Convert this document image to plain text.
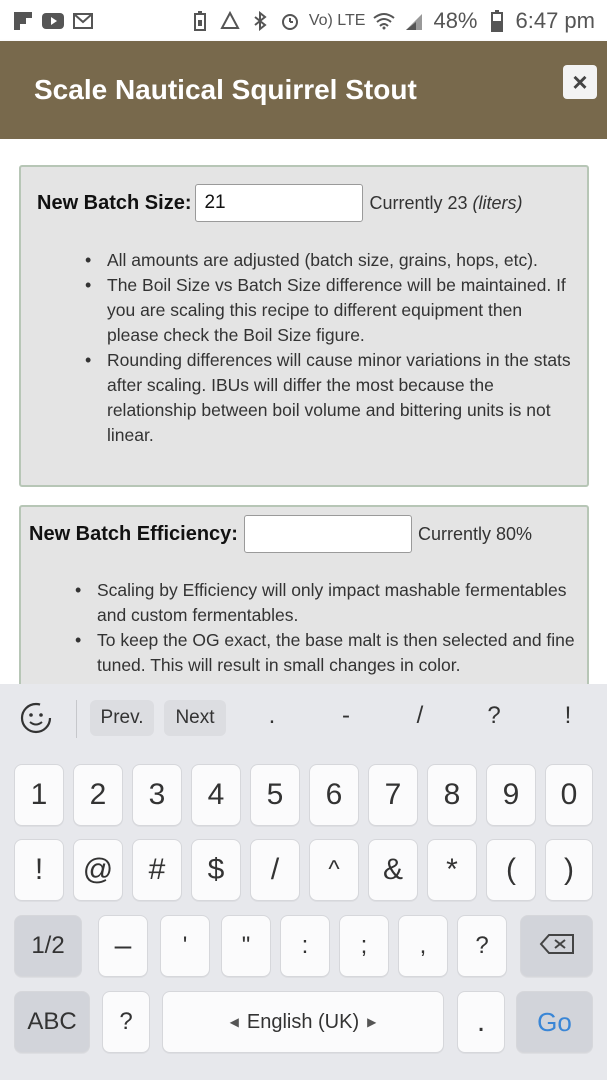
Vo) LTE	48% 6:47 pm
Scale Nautical Squirrel Stout	×
New Batch Size:
21	Currently 23 (liters)
• All amounts are adjusted (batch size, grains, hops, etc).
• The Boil Size vs Batch Size difference will be maintained. If you are scaling this recipe to different equipment then please check the Boil Size figure.
• Rounding differences will cause minor variations in the stats after scaling. IBUs will differ the most because the relationship between boil volume and bittering units is not linear.
New Batch Efficiency:	Currently 80%
• Scaling by Efficiency will only impact mashable fermentables and custom fermentables.
• To keep the OG exact, the base malt is then selected and fine tuned. This will result in small changes in color.
Prev.	Next	.	-	/	?	!
1	2	3	4	5	6	7	8	9	0
!	@	#	$	/	^	&	*	(	)
1/2	–	'	"	:	;	,	?
ABC	?	◀ English (UK) ▶	.	Go
